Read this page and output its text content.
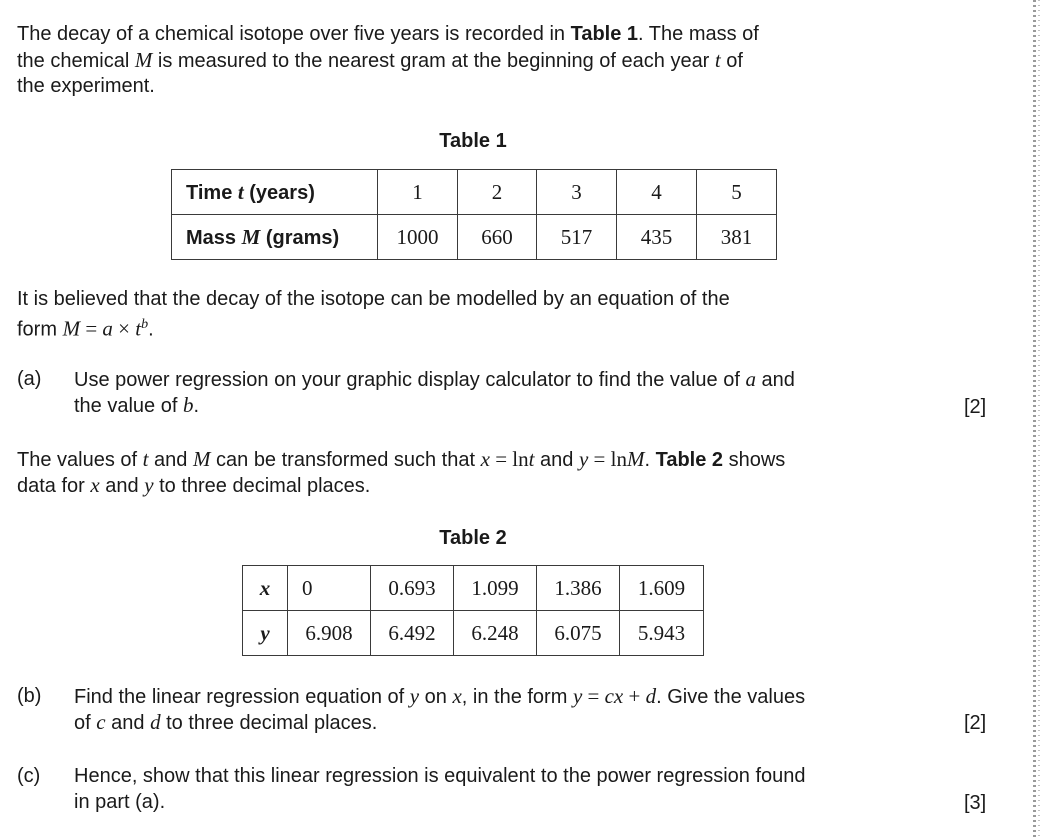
The decay of a chemical isotope over five years is recorded in Table 1. The mass of
the chemical M is measured to the nearest gram at the beginning of each year t of
the experiment.
Table 1
Time t (years)	1	2	3	4	5
Mass M (grams)	1000	660	517	435	381
It is believed that the decay of the isotope can be modelled by an equation of the
form $M = a \times t^b$.
(a) Use power regression on your graphic display calculator to find the value of a and
the value of b.	[2]
The values of t and M can be transformed such that x = lnt and y = lnM. Table 2 shows
data for x and y to three decimal places.
Table 2
x	0	0.693	1.099	1.386	1.609
y	6.908	6.492	6.248	6.075	5.943
(b) Find the linear regression equation of y on x, in the form y = cx + d. Give the values
of c and d to three decimal places.	[2]
(c) Hence, show that this linear regression is equivalent to the power regression found
in part (a).	[3]
